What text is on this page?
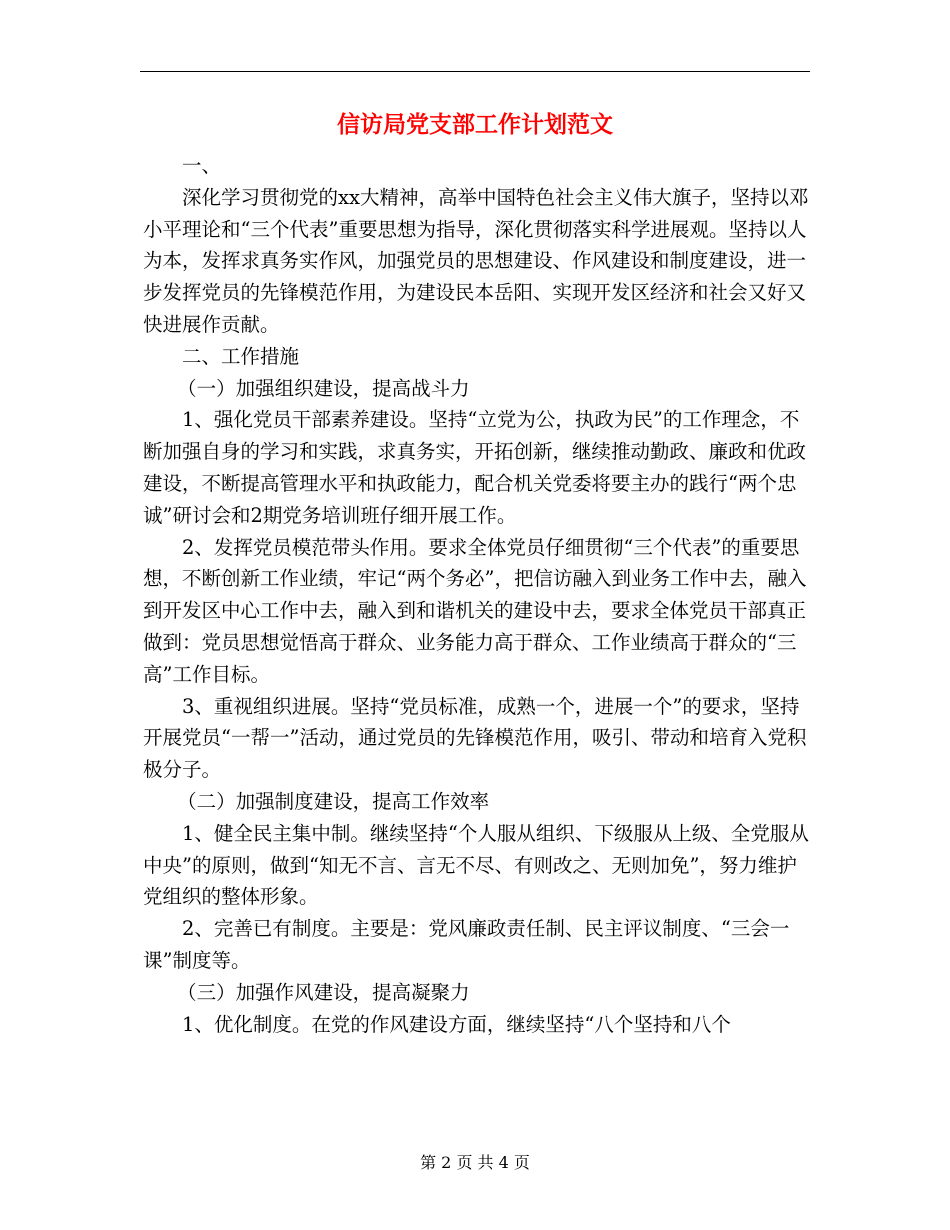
信访局党支部工作计划范文

一、

深化学习贯彻党的xx大精神，高举中国特色社会主义伟大旗子，坚持以邓小平理论和“三个代表”重要思想为指导，深化贯彻落实科学进展观。坚持以人为本，发挥求真务实作风，加强党员的思想建设、作风建设和制度建设，进一步发挥党员的先锋模范作用，为建设民本岳阳、实现开发区经济和社会又好又快进展作贡献。

二、工作措施

（一）加强组织建设，提高战斗力

1、强化党员干部素养建设。坚持“立党为公，执政为民”的工作理念，不断加强自身的学习和实践，求真务实，开拓创新，继续推动勤政、廉政和优政建设，不断提高管理水平和执政能力，配合机关党委将要主办的践行“两个忠诚”研讨会和2期党务培训班仔细开展工作。

2、发挥党员模范带头作用。要求全体党员仔细贯彻“三个代表”的重要思想，不断创新工作业绩，牢记“两个务必”，把信访融入到业务工作中去，融入到开发区中心工作中去，融入到和谐机关的建设中去，要求全体党员干部真正做到：党员思想觉悟高于群众、业务能力高于群众、工作业绩高于群众的“三高”工作目标。

3、重视组织进展。坚持“党员标准，成熟一个，进展一个”的要求，坚持开展党员“一帮一”活动，通过党员的先锋模范作用，吸引、带动和培育入党积极分子。

（二）加强制度建设，提高工作效率

1、健全民主集中制。继续坚持“个人服从组织、下级服从上级、全党服从中央”的原则，做到“知无不言、言无不尽、有则改之、无则加免”，努力维护党组织的整体形象。

2、完善已有制度。主要是：党风廉政责任制、民主评议制度、“三会一课”制度等。

（三）加强作风建设，提高凝聚力

1、优化制度。在党的作风建设方面，继续坚持“八个坚持和八个

第 2 页 共 4 页
